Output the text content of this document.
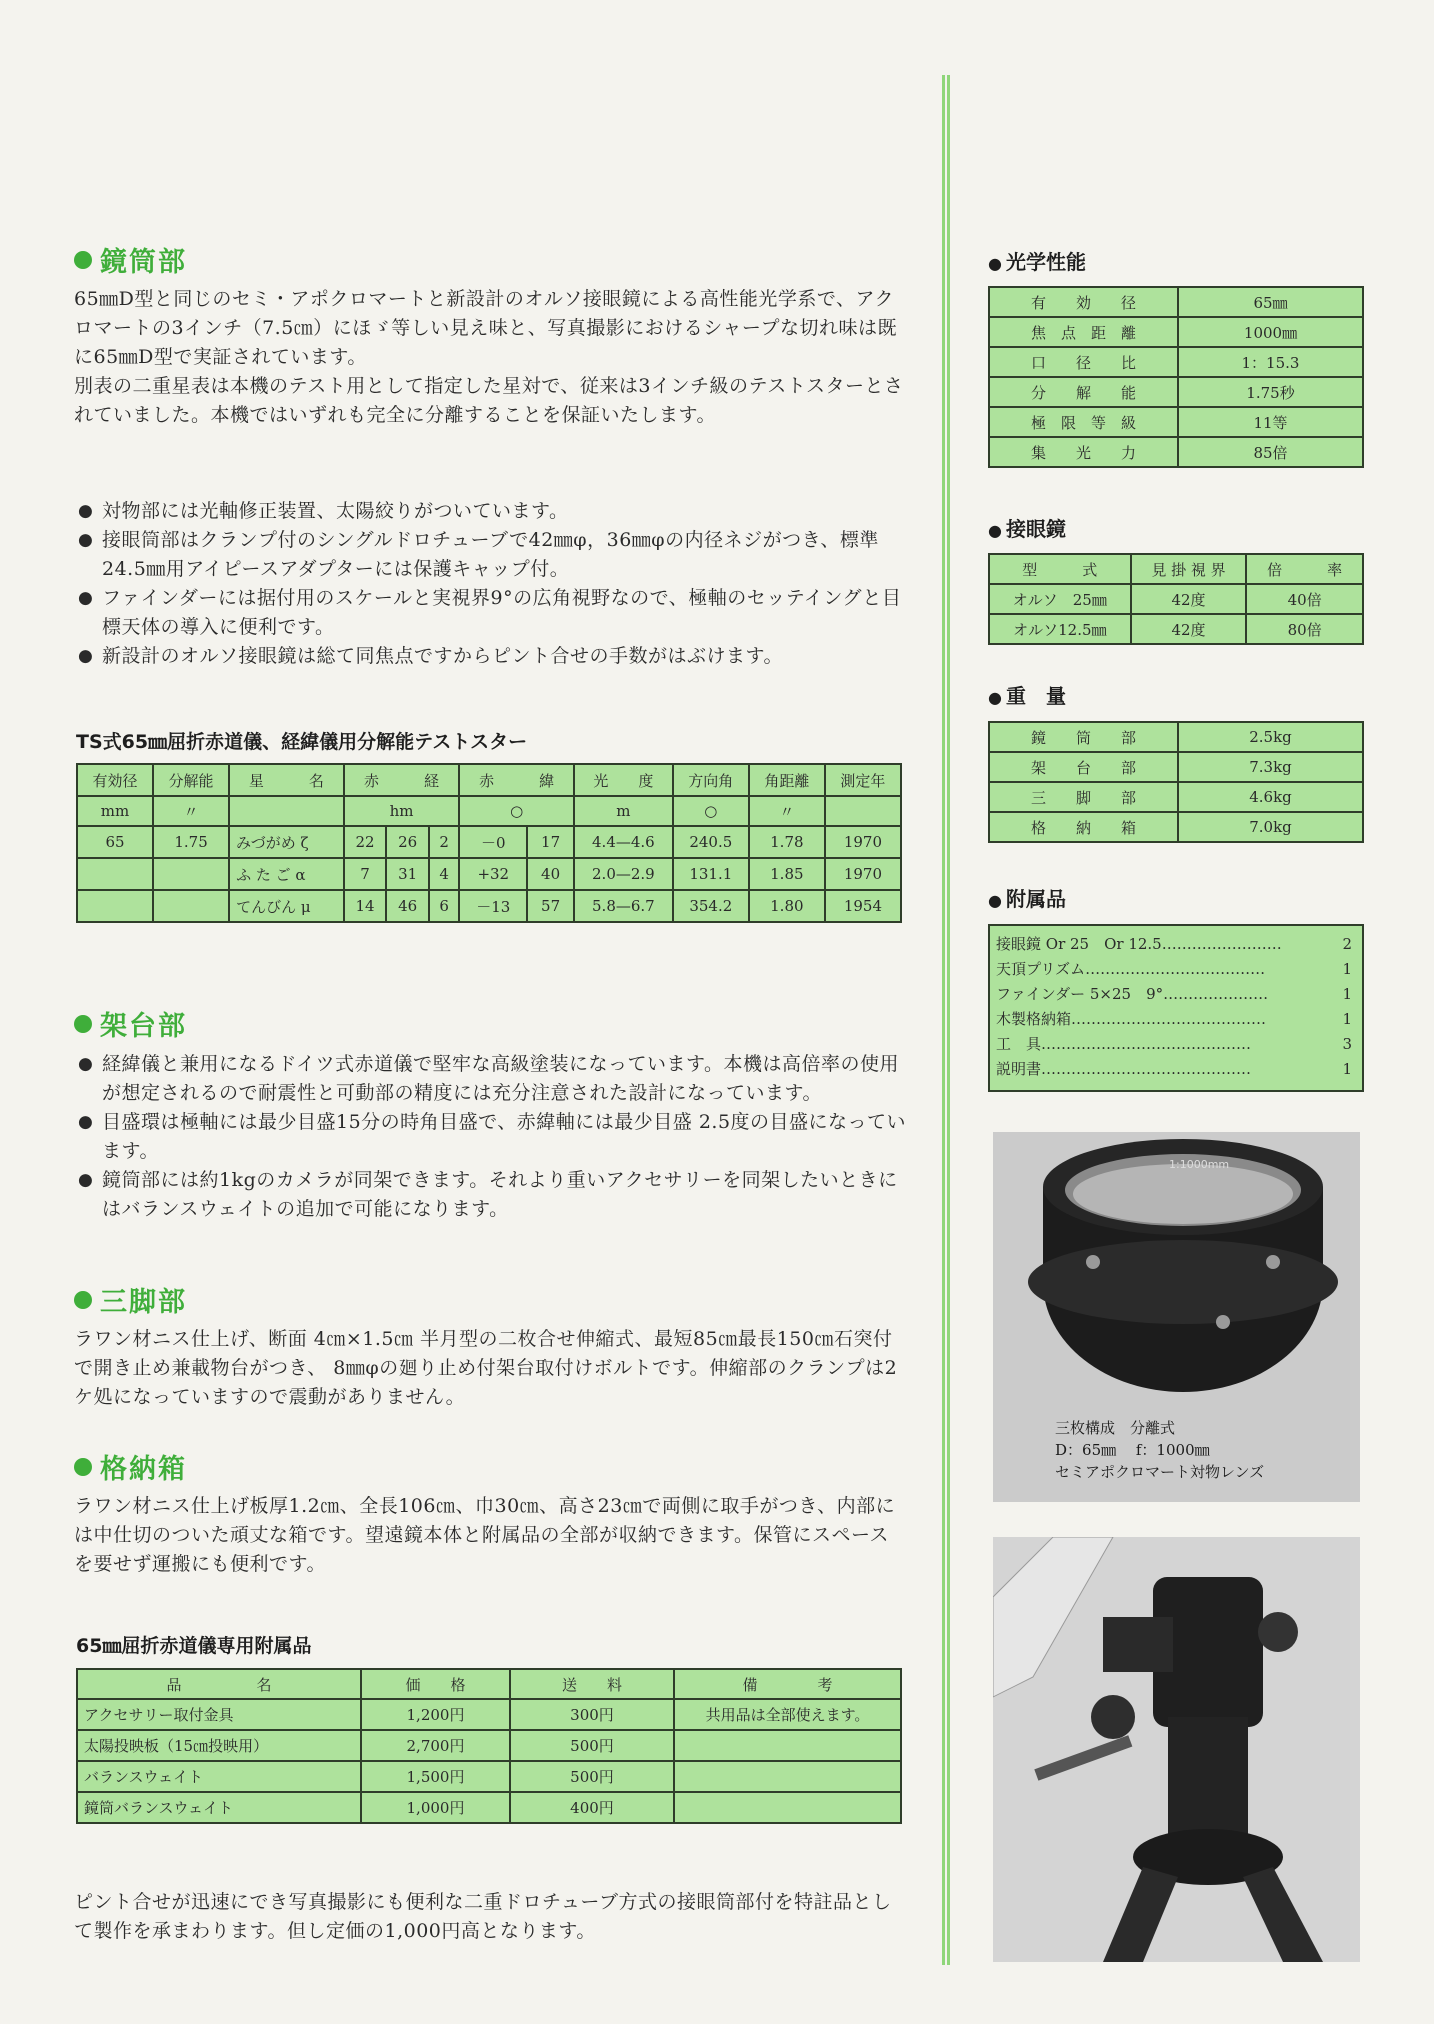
鏡筒部

65㎜D型と同じのセミ・アポクロマートと新設計のオルソ接眼鏡による高性能光学系で、アクロマートの3インチ（7.5㎝）にほゞ等しい見え味と、写真撮影におけるシャープな切れ味は既に65㎜D型で実証されています。

別表の二重星表は本機のテスト用として指定した星対で、従来は3インチ級のテストスターとされていました。本機ではいずれも完全に分離することを保証いたします。

● 対物部には光軸修正装置、太陽絞りがついています。

● 接眼筒部はクランプ付のシングルドロチューブで42㎜φ，36㎜φの内径ネジがつき、標準24.5㎜用アイピースアダプターには保護キャップ付。

● ファインダーには据付用のスケールと実視界9°の広角視野なので、極軸のセッテイングと目標天体の導入に便利です。

● 新設計のオルソ接眼鏡は総て同焦点ですからピント合せの手数がはぶけます。

TS式65㎜屈折赤道儀、経緯儀用分解能テストスター
有効径	分解能	星　　　名	赤　　　経			赤　　　緯		光　　度	方向角	角距離	測定年
mm	〃		hm			○		m	○	〃	
65	1.75	みづがめ ζ	22	26	2	－0	17	4.4—4.6	240.5	1.78	1970
		ふ た ご α	7	31	4	+32	40	2.0—2.9	131.1	1.85	1970
		てんびん μ	14	46	6	－13	57	5.8—6.7	354.2	1.80	1954
架台部

● 経緯儀と兼用になるドイツ式赤道儀で堅牢な高級塗装になっています。本機は高倍率の使用が想定されるので耐震性と可動部の精度には充分注意された設計になっています。

● 目盛環は極軸には最少目盛15分の時角目盛で、赤緯軸には最少目盛 2.5度の目盛になっています。

● 鏡筒部には約1kgのカメラが同架できます。それより重いアクセサリーを同架したいときにはバランスウェイトの追加で可能になります。

三脚部
ラワン材ニス仕上げ、断面 4㎝×1.5㎝ 半月型の二枚合せ伸縮式、最短85㎝最長150㎝石突付で開き止め兼載物台がつき、 8㎜φの廻り止め付架台取付けボルトです。伸縮部のクランプは2ケ処になっていますので震動がありません。
格納箱
ラワン材ニス仕上げ板厚1.2㎝、全長106㎝、巾30㎝、高さ23㎝で両側に取手がつき、内部には中仕切のついた頑丈な箱です。望遠鏡本体と附属品の全部が収納できます。保管にスペースを要せず運搬にも便利です。
65㎜屈折赤道儀専用附属品
品　　　　　名	価　　格	送　　料	備　　　　考
アクセサリー取付金具	1,200円	300円	共用品は全部使えます。
太陽投映板（15㎝投映用）	2,700円	500円	
バランスウェイト	1,500円	500円	
鏡筒バランスウェイト	1,000円	400円	
ピント合せが迅速にでき写真撮影にも便利な二重ドロチューブ方式の接眼筒部付を特註品として製作を承まわります。但し定価の1,000円高となります。
● 光学性能
有　　効　　径	65㎜
焦　点　距　離	1000㎜
口　　径　　比	1：15.3
分　　解　　能	1.75秒
極　限　等　級	11等
集　　光　　力	85倍
● 接眼鏡
型　　　式	見 掛 視 界	倍　　　率
オルソ　25㎜	42度	40倍
オルソ12.5㎜	42度	80倍
● 重　量
鏡　　筒　　部	2.5kg
架　　台　　部	7.3kg
三　　脚　　部	4.6kg
格　　納　　箱	7.0kg
● 附属品
接眼鏡 Or 25　Or 12.5……………………	2
天頂プリズム………………………………	1
ファインダー 5×25　9°…………………	1
木製格納箱…………………………………	1
工　具……………………………………	3
説明書……………………………………	1
1:1000mm
三枚構成　分離式
D：65㎜　 f：1000㎜
セミアポクロマート対物レンズ
